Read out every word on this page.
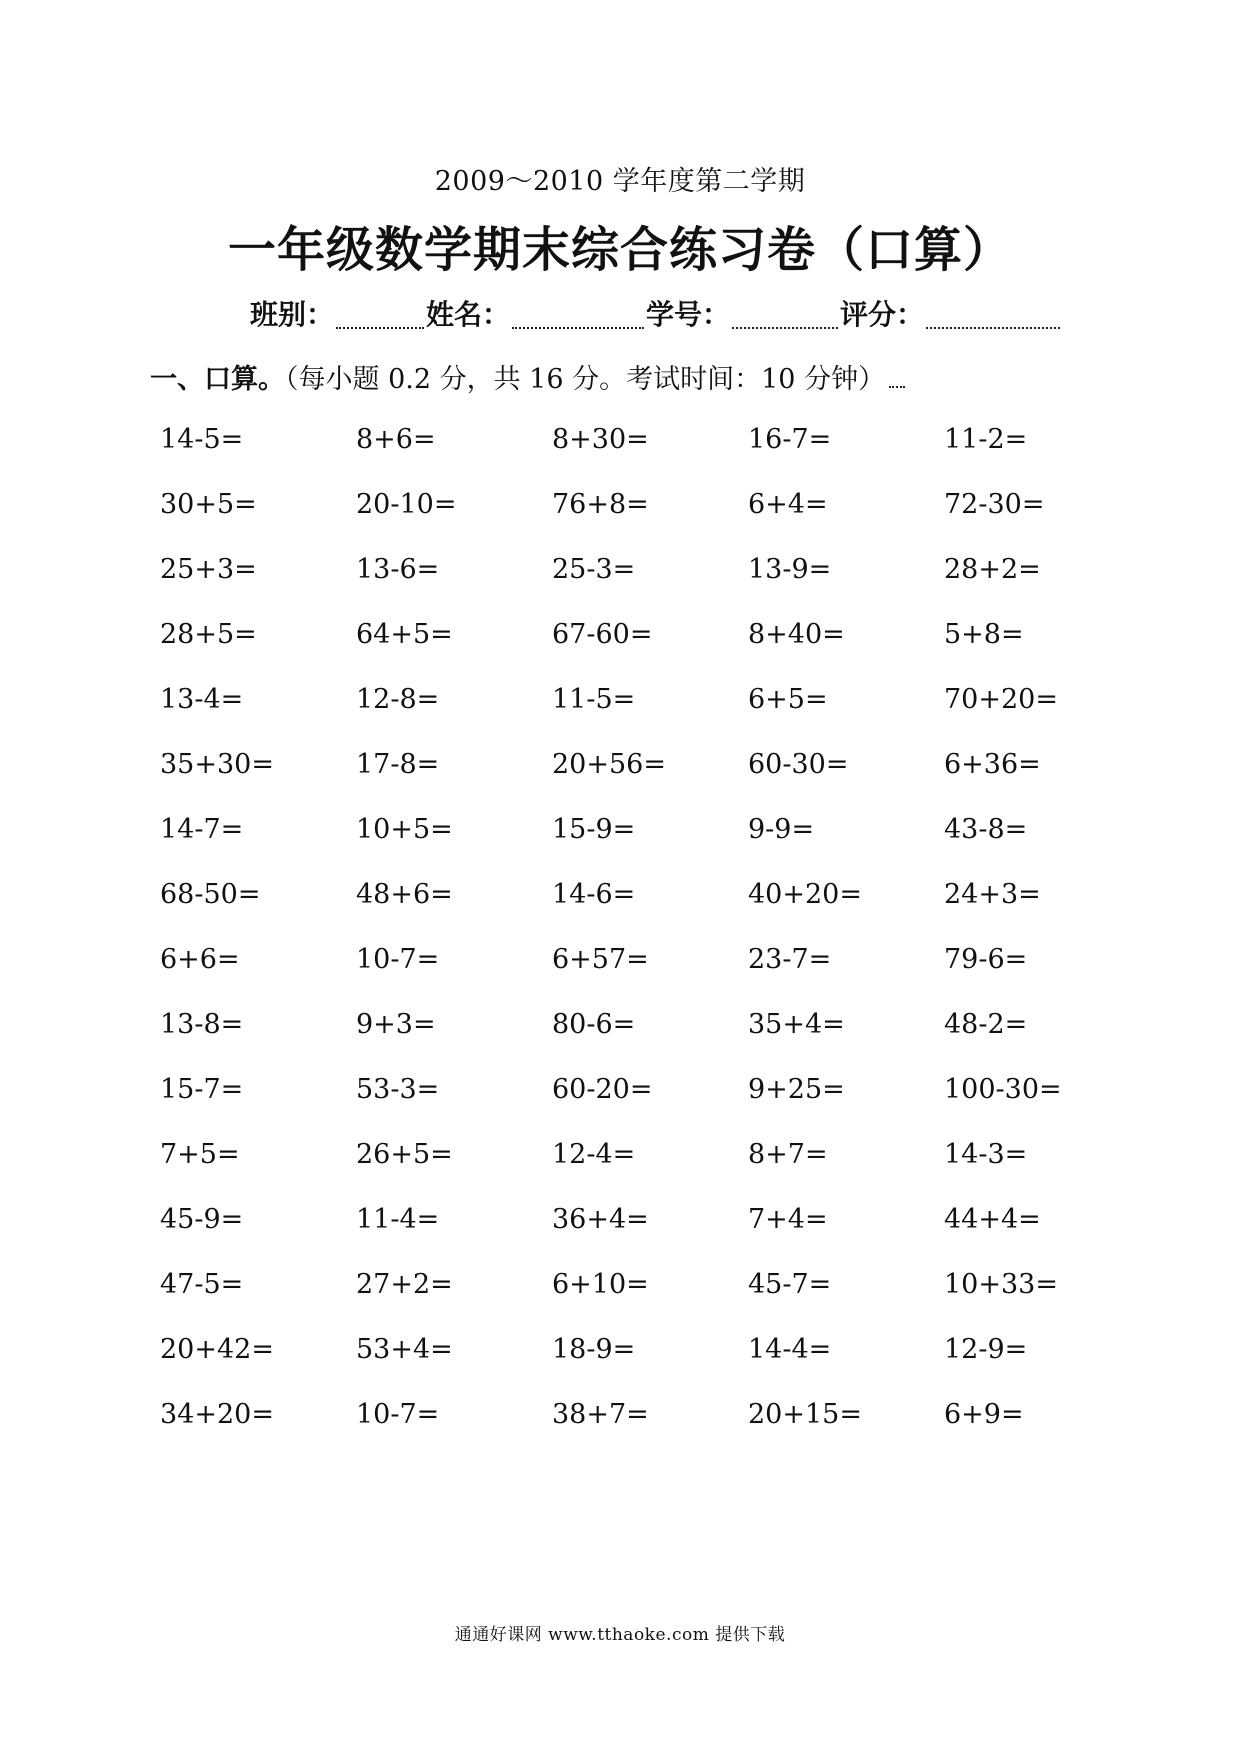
2009～2010 学年度第二学期
一年级数学期末综合练习卷（口算）
班别：	姓名：	学号：	评分：
一、口算。（每小题 0.2 分，共 16 分。考试时间：10 分钟）
14-5=	8+6=	8+30=	16-7=	11-2=
30+5=	20-10=	76+8=	6+4=	72-30=
25+3=	13-6=	25-3=	13-9=	28+2=
28+5=	64+5=	67-60=	8+40=	5+8=
13-4=	12-8=	11-5=	6+5=	70+20=
35+30=	17-8=	20+56=	60-30=	6+36=
14-7=	10+5=	15-9=	9-9=	43-8=
68-50=	48+6=	14-6=	40+20=	24+3=
6+6=	10-7=	6+57=	23-7=	79-6=
13-8=	9+3=	80-6=	35+4=	48-2=
15-7=	53-3=	60-20=	9+25=	100-30=
7+5=	26+5=	12-4=	8+7=	14-3=
45-9=	11-4=	36+4=	7+4=	44+4=
47-5=	27+2=	6+10=	45-7=	10+33=
20+42=	53+4=	18-9=	14-4=	12-9=
34+20=	10-7=	38+7=	20+15=	6+9=
通通好课网 www.tthaoke.com 提供下载
